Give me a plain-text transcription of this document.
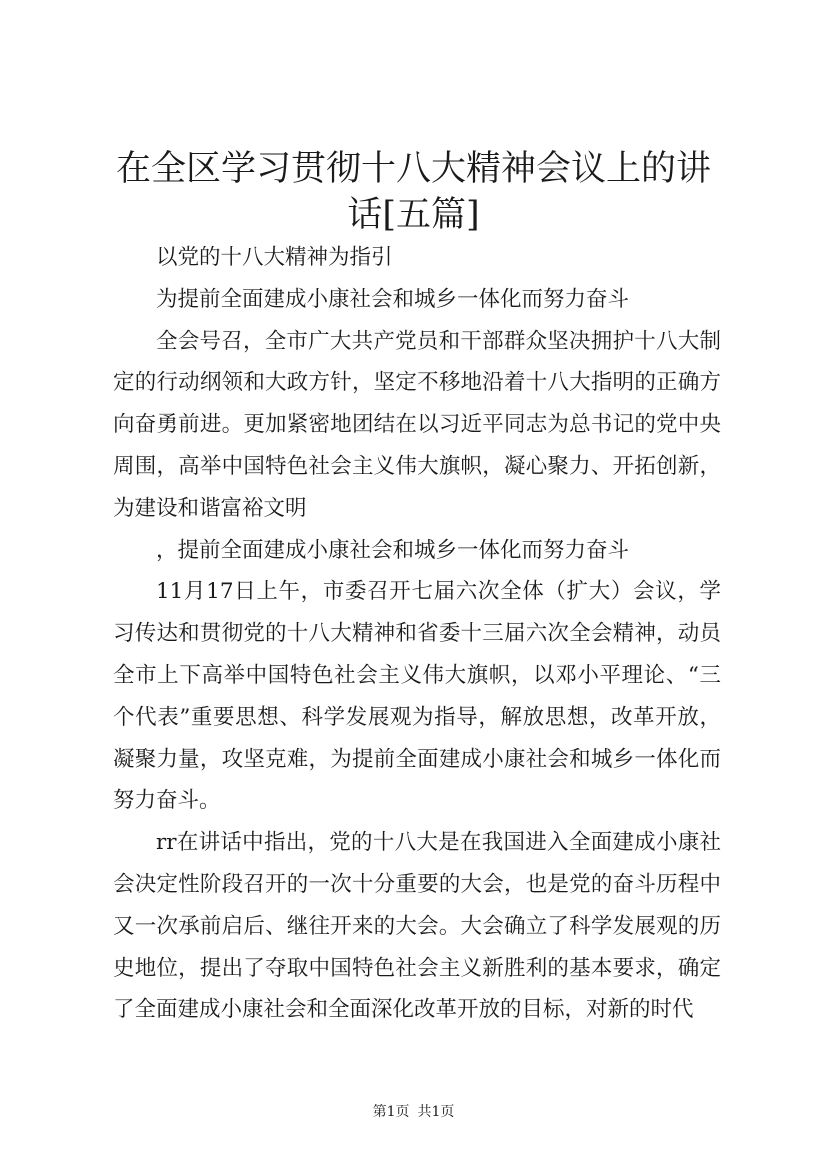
在全区学习贯彻十八大精神会议上的讲话[五篇]

以党的十八大精神为指引

为提前全面建成小康社会和城乡一体化而努力奋斗

全会号召，全市广大共产党员和干部群众坚决拥护十八大制定的行动纲领和大政方针，坚定不移地沿着十八大指明的正确方向奋勇前进。更加紧密地团结在以习近平同志为总书记的党中央周围，高举中国特色社会主义伟大旗帜，凝心聚力、开拓创新，为建设和谐富裕文明

，提前全面建成小康社会和城乡一体化而努力奋斗

11月17日上午，市委召开七届六次全体（扩大）会议，学习传达和贯彻党的十八大精神和省委十三届六次全会精神，动员全市上下高举中国特色社会主义伟大旗帜，以邓小平理论、“三个代表”重要思想、科学发展观为指导，解放思想，改革开放，凝聚力量，攻坚克难，为提前全面建成小康社会和城乡一体化而努力奋斗。

rr在讲话中指出，党的十八大是在我国进入全面建成小康社会决定性阶段召开的一次十分重要的大会，也是党的奋斗历程中又一次承前启后、继往开来的大会。大会确立了科学发展观的历史地位，提出了夺取中国特色社会主义新胜利的基本要求，确定了全面建成小康社会和全面深化改革开放的目标，对新的时代

第1页 共1页
